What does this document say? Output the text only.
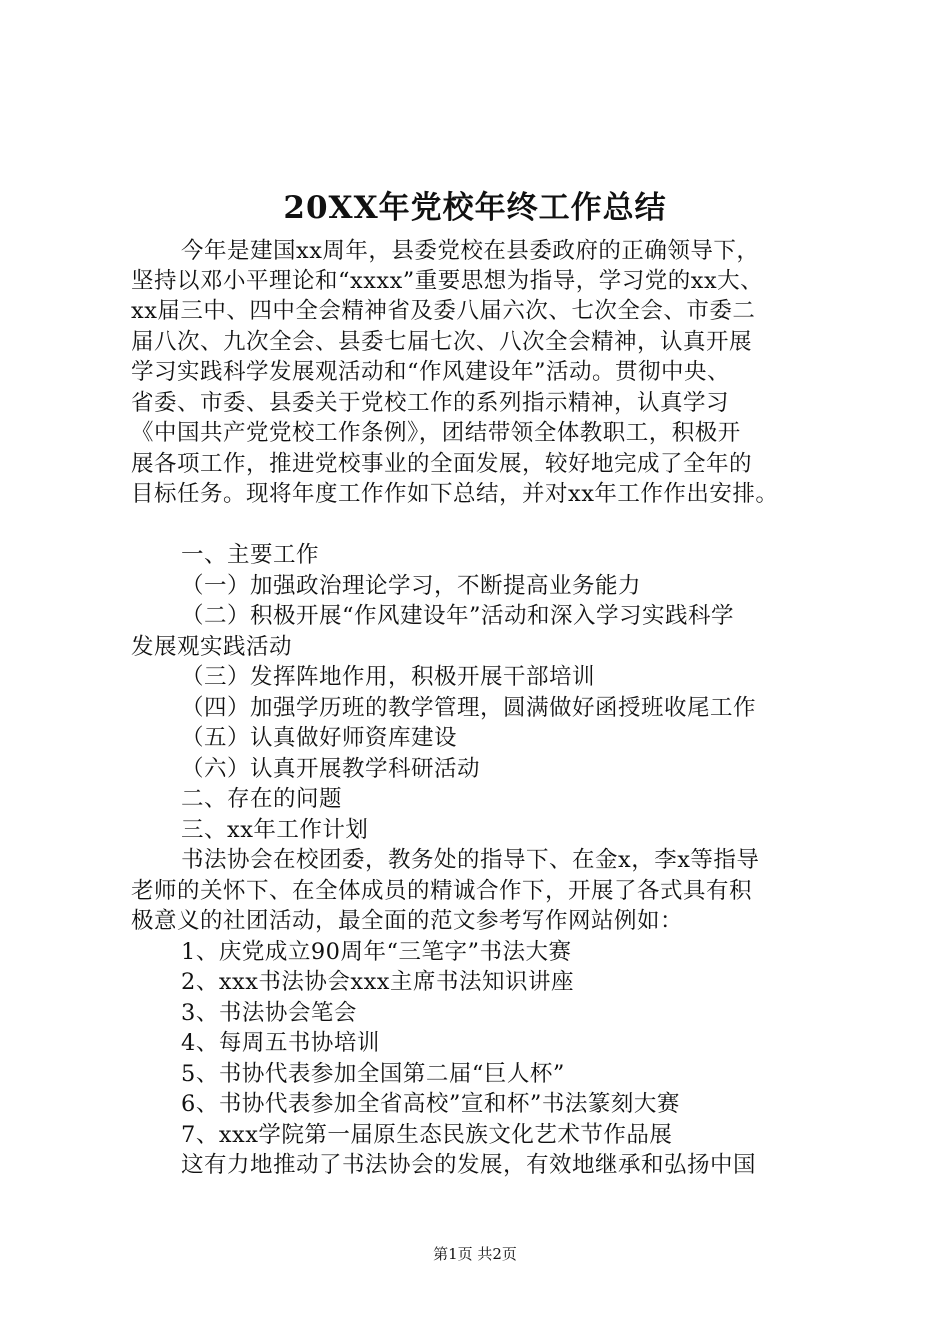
20XX年党校年终工作总结
今年是建国xx周年，县委党校在县委政府的正确领导下，
坚持以邓小平理论和“xxxx”重要思想为指导，学习党的xx大、
xx届三中、四中全会精神省及委八届六次、七次全会、市委二
届八次、九次全会、县委七届七次、八次全会精神，认真开展
学习实践科学发展观活动和“作风建设年”活动。贯彻中央、
省委、市委、县委关于党校工作的系列指示精神，认真学习
《中国共产党党校工作条例》，团结带领全体教职工，积极开
展各项工作，推进党校事业的全面发展，较好地完成了全年的
目标任务。现将年度工作作如下总结，并对xx年工作作出安排。
一、主要工作
（一）加强政治理论学习，不断提高业务能力
（二）积极开展“作风建设年”活动和深入学习实践科学
发展观实践活动
（三）发挥阵地作用，积极开展干部培训
（四）加强学历班的教学管理，圆满做好函授班收尾工作
（五）认真做好师资库建设
（六）认真开展教学科研活动
二、存在的问题
三、xx年工作计划
书法协会在校团委，教务处的指导下、在金x，李x等指导
老师的关怀下、在全体成员的精诚合作下，开展了各式具有积
极意义的社团活动，最全面的范文参考写作网站例如：
1、庆党成立90周年“三笔字”书法大赛
2、xxx书法协会xxx主席书法知识讲座
3、书法协会笔会
4、每周五书协培训
5、书协代表参加全国第二届“巨人杯”
6、书协代表参加全省高校”宣和杯”书法篆刻大赛
7、xxx学院第一届原生态民族文化艺术节作品展
这有力地推动了书法协会的发展，有效地继承和弘扬中国
第1页 共2页
